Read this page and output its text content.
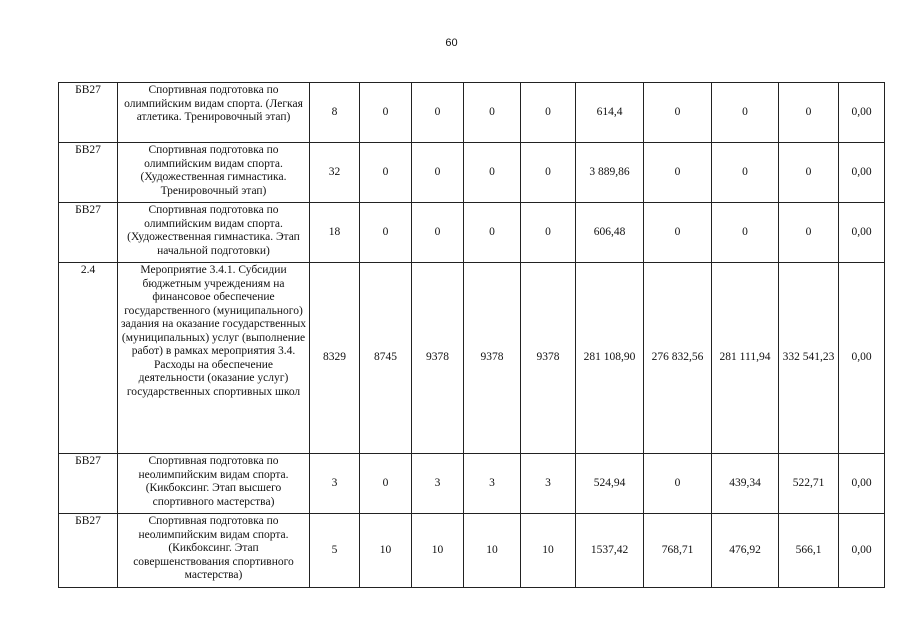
60
БВ27	Спортивная подготовка по олимпийским видам спорта. (Легкая атлетика. Тренировочный этап)	8	0	0	0	0	614,4	0	0	0	0,00
БВ27	Спортивная подготовка по олимпийским видам спорта. (Художественная гимнастика. Тренировочный этап)	32	0	0	0	0	3 889,86	0	0	0	0,00
БВ27	Спортивная подготовка по олимпийским видам спорта. (Художественная гимнастика. Этап начальной подготовки)	18	0	0	0	0	606,48	0	0	0	0,00
2.4	Мероприятие 3.4.1. Субсидии бюджетным учреждениям на финансовое обеспечение государственного (муниципального) задания на оказание государственных (муниципальных) услуг (выполнение работ) в рамках мероприятия 3.4. Расходы на обеспечение деятельности (оказание услуг) государственных спортивных школ	8329	8745	9378	9378	9378	281 108,90	276 832,56	281 111,94	332 541,23	0,00
БВ27	Спортивная подготовка по неолимпийским видам спорта. (Кикбоксинг. Этап высшего спортивного мастерства)	3	0	3	3	3	524,94	0	439,34	522,71	0,00
БВ27	Спортивная подготовка по неолимпийским видам спорта. (Кикбоксинг. Этап совершенствования спортивного мастерства)	5	10	10	10	10	1537,42	768,71	476,92	566,1	0,00
